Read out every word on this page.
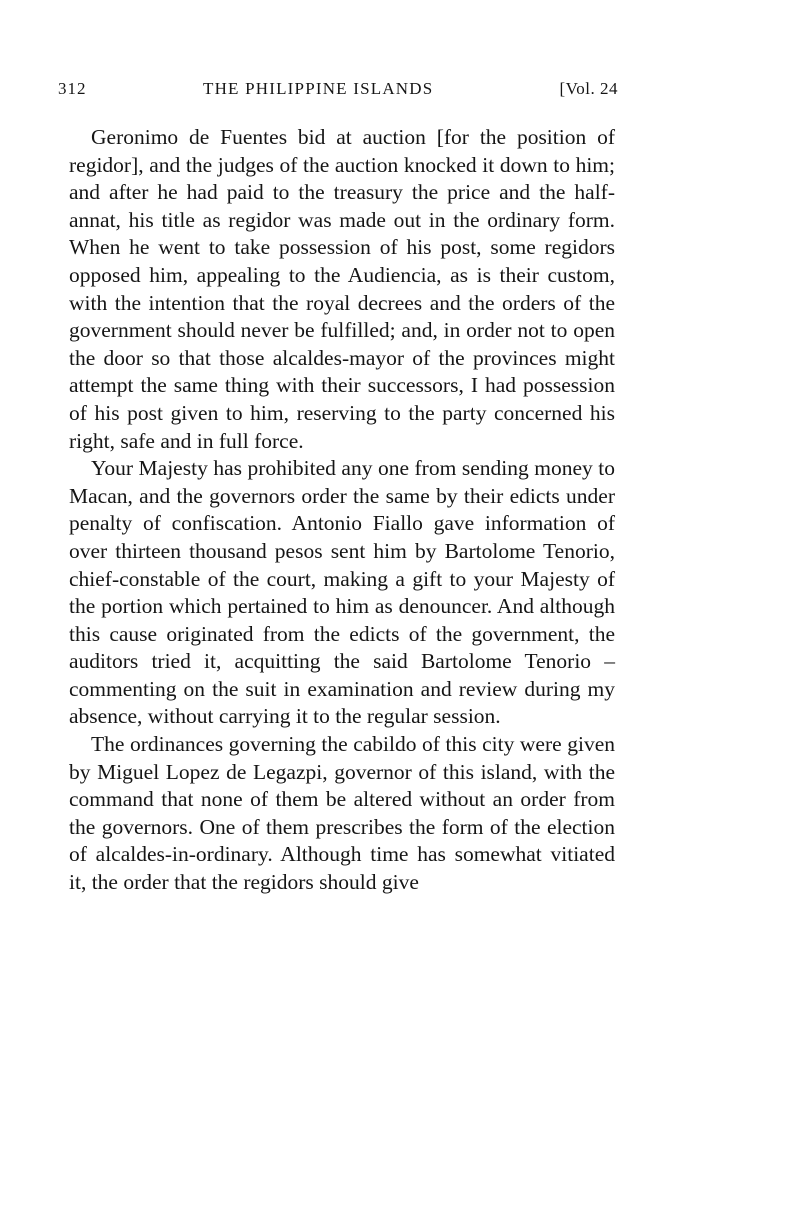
312	THE PHILIPPINE ISLANDS	[Vol. 24

Geronimo de Fuentes bid at auction [for the position of regidor], and the judges of the auction knocked it down to him; and after he had paid to the treasury the price and the half-annat, his title as regidor was made out in the ordinary form. When he went to take possession of his post, some regidors opposed him, appealing to the Audiencia, as is their custom, with the intention that the royal decrees and the orders of the government should never be fulfilled; and, in order not to open the door so that those alcaldes-mayor of the provinces might attempt the same thing with their successors, I had possession of his post given to him, reserving to the party concerned his right, safe and in full force.

Your Majesty has prohibited any one from sending money to Macan, and the governors order the same by their edicts under penalty of confiscation. Antonio Fiallo gave information of over thirteen thousand pesos sent him by Bartolome Tenorio, chief-constable of the court, making a gift to your Majesty of the portion which pertained to him as denouncer. And although this cause originated from the edicts of the government, the auditors tried it, acquitting the said Bartolome Tenorio – commenting on the suit in examination and review during my absence, without carrying it to the regular session.

The ordinances governing the cabildo of this city were given by Miguel Lopez de Legazpi, governor of this island, with the command that none of them be altered without an order from the governors. One of them prescribes the form of the election of alcaldes-in-ordinary. Although time has somewhat vitiated it, the order that the regidors should give
